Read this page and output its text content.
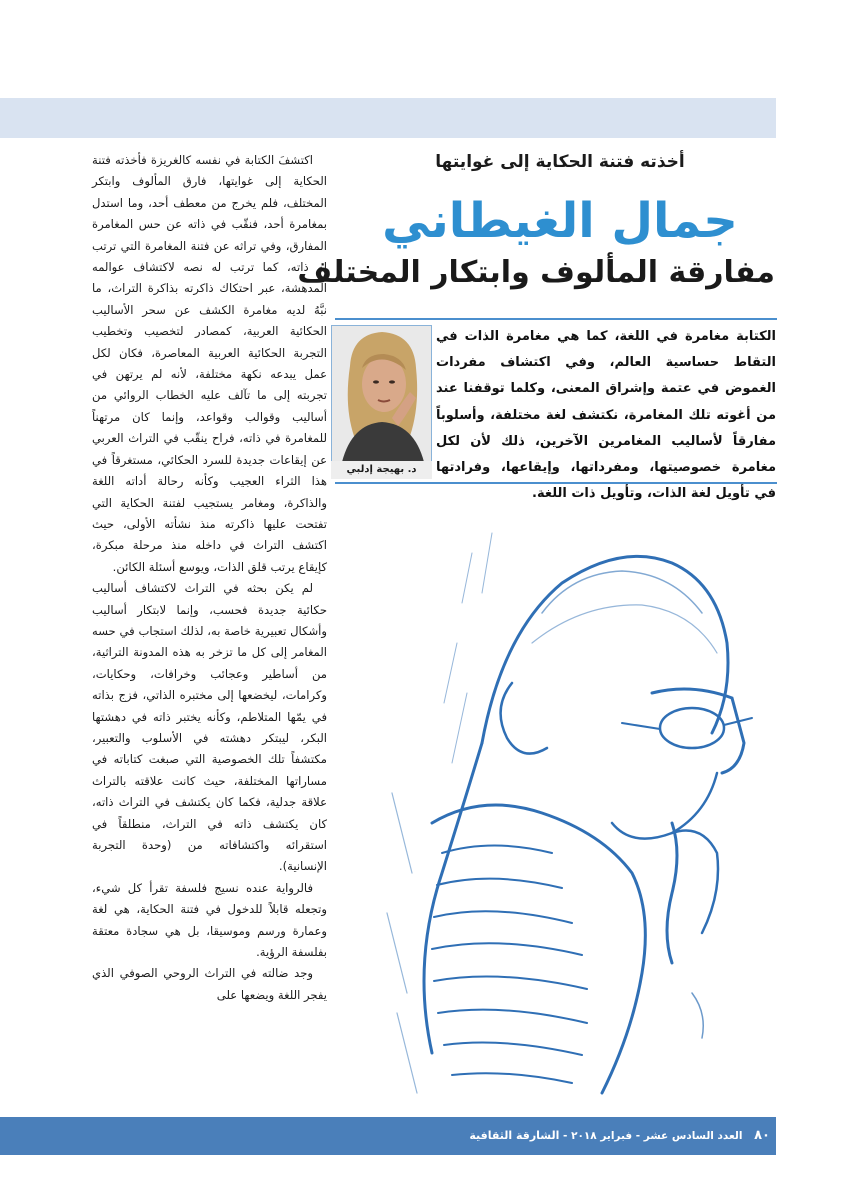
اكتشفَ الكتابة في نفسه كالغريزة فأخذته فتنة الحكاية إلى غوايتها، فارق المألوف وابتكر المختلف، فلم يخرج من معطف أحد، وما استدل بمغامرة أحد، فنقّب في ذاته عن حس المغامرة المفارق، وفي تراثه عن فتنة المغامرة التي ترتب له ذاته، كما ترتب له نصه لاكتشاف عوالمه المدهشة، عبر احتكاك ذاكرته بذاكرة التراث، ما نبَّهُ لديه مغامرة الكشف عن سحر الأساليب الحكائية العربية، كمصادر لتخصيب وتخطيب التجربة الحكائية العربية المعاصرة، فكان لكل عمل يبدعه نكهة مختلفة، لأنه لم يرتهن في تجربته إلى ما تآلف عليه الخطاب الروائي من أساليب وقوالب وقواعد، وإنما كان مرتهناً للمغامرة في ذاته، فراح ينقّب في التراث العربي عن إيقاعات جديدة للسرد الحكائي، مستغرقاً في هذا الثراء العجيب وكأنه رحالة أداته اللغة والذاكرة، ومغامر يستجيب لفتنة الحكاية التي تفتحت عليها ذاكرته منذ نشأته الأولى، حيث اكتشف التراث في داخله منذ مرحلة مبكرة، كإيقاع يرتب قلق الذات، ويوسع أسئلة الكائن.

لم يكن بحثه في التراث لاكتشاف أساليب حكائية جديدة فحسب، وإنما لابتكار أساليب وأشكال تعبيرية خاصة به، لذلك استجاب في حسه المغامر إلى كل ما تزخر به هذه المدونة التراثية، من أساطير وعجائب وخرافات، وحكايات، وكرامات، ليخضعها إلى مختبره الذاتي، فزج بذاته في يمّها المتلاطم، وكأنه يختبر ذاته في دهشتها البكر، ليبتكر دهشته في الأسلوب والتعبير، مكتشفاً تلك الخصوصية التي صبغت كتاباته في مساراتها المختلفة، حيث كانت علاقته بالتراث علاقة جدلية، فكما كان يكتشف في التراث ذاته، كان يكتشف ذاته في التراث، منطلقاً في استقرائه واكتشافاته من (وحدة التجربة الإنسانية).

فالرواية عنده نسيج فلسفة تقرأ كل شيء، وتجعله قابلاً للدخول في فتنة الحكاية، هي لغة وعمارة ورسم وموسيقا، بل هي سجادة معتقة بفلسفة الرؤية.

وجد ضالته في التراث الروحي الصوفي الذي يفجر اللغة ويضعها على

أخذته فتنة الحكاية إلى غوايتها
جمال الغيطاني
مفارقة المألوف وابتكار المختلف
د. بهيجة إدلبي
الكتابة مغامرة في اللغة، كما هي مغامرة الذات في التقاط حساسية العالم، وفي اكتشاف مفردات الغموض في عتمة وإشراق المعنى، وكلما توقفنا عند من أغوته تلك المغامرة، نكتشف لغة مختلفة، وأسلوباً مفارقاً لأساليب المغامرين الآخرين، ذلك لأن لكل مغامرة خصوصيتها، ومفرداتها، وإيقاعها، وفرادتها في تأويل لغة الذات، وتأويل ذات اللغة.
٨٠ العدد السادس عشر - فبراير ٢٠١٨ - الشارقة الثقافية
